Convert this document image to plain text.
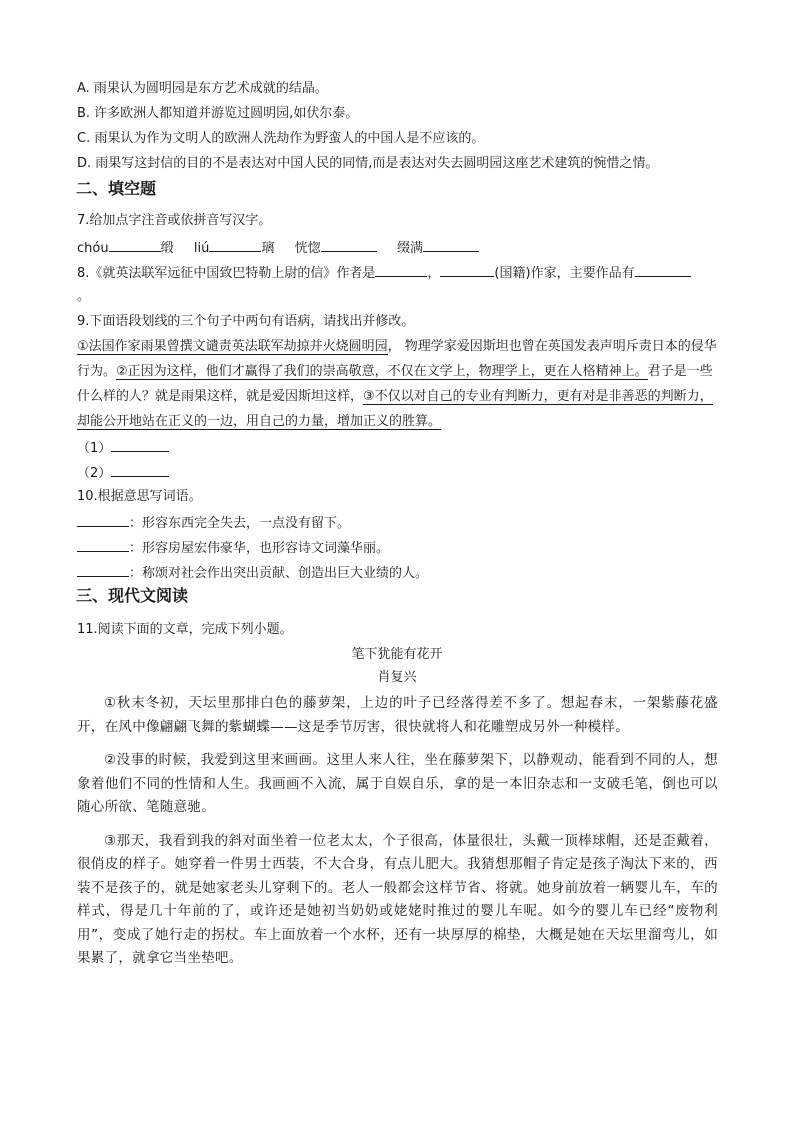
A. 雨果认为圆明园是东方艺术成就的结晶。
B. 许多欧洲人都知道并游览过圆明园,如伏尔泰。
C. 雨果认为作为文明人的欧洲人洗劫作为野蛮人的中国人是不应该的。
D. 雨果写这封信的目的不是表达对中国人民的同情,而是表达对失去圆明园这座艺术建筑的惋惜之情。
二、填空题
7.给加点字注音或依拼音写汉字。
chóu	缎 liú	璃 恍惚	缀满
8.《就英法联军远征中国致巴特勒上尉的信》作者是	，	(国籍)作家，主要作品有
。
9.下面语段划线的三个句子中两句有语病，请找出并修改。
①法国作家雨果曾撰文谴责英法联军劫掠并火烧圆明园， 物理学家爱因斯坦也曾在英国发表声明斥责日本的侵华行为。②正因为这样，他们才赢得了我们的崇高敬意，不仅在文学上，物理学上，更在人格精神上。君子是一些什么样的人？就是雨果这样，就是爱因斯坦这样，③不仅以对自己的专业有判断力，更有对是非善恶的判断力，却能公开地站在正义的一边，用自己的力量，增加正义的胜算。
（1）
（2）
10.根据意思写词语。
：形容东西完全失去，一点没有留下。
：形容房屋宏伟豪华，也形容诗文词藻华丽。
：称颂对社会作出突出贡献、创造出巨大业绩的人。
三、现代文阅读
11.阅读下面的文章，完成下列小题。
笔下犹能有花开
肖复兴

①秋末冬初，天坛里那排白色的藤萝架，上边的叶子已经落得差不多了。想起春末，一架紫藤花盛开，在风中像翩翩飞舞的紫蝴蝶——这是季节厉害，很快就将人和花雕塑成另外一种模样。

②没事的时候，我爱到这里来画画。这里人来人往，坐在藤萝架下，以静观动，能看到不同的人，想象着他们不同的性情和人生。我画画不入流，属于自娱自乐，拿的是一本旧杂志和一支破毛笔，倒也可以随心所欲、笔随意驰。

③那天，我看到我的斜对面坐着一位老太太，个子很高，体量很壮，头戴一顶棒球帽，还是歪戴着，很俏皮的样子。她穿着一件男士西装，不大合身，有点儿肥大。我猜想那帽子肯定是孩子淘汰下来的，西装不是孩子的，就是她家老头儿穿剩下的。老人一般都会这样节省、将就。她身前放着一辆婴儿车，车的样式，得是几十年前的了，或许还是她初当奶奶或姥姥时推过的婴儿车呢。如今的婴儿车已经“废物利用”，变成了她行走的拐杖。车上面放着一个水杯，还有一块厚厚的棉垫，大概是她在天坛里溜弯儿，如果累了，就拿它当坐垫吧。
